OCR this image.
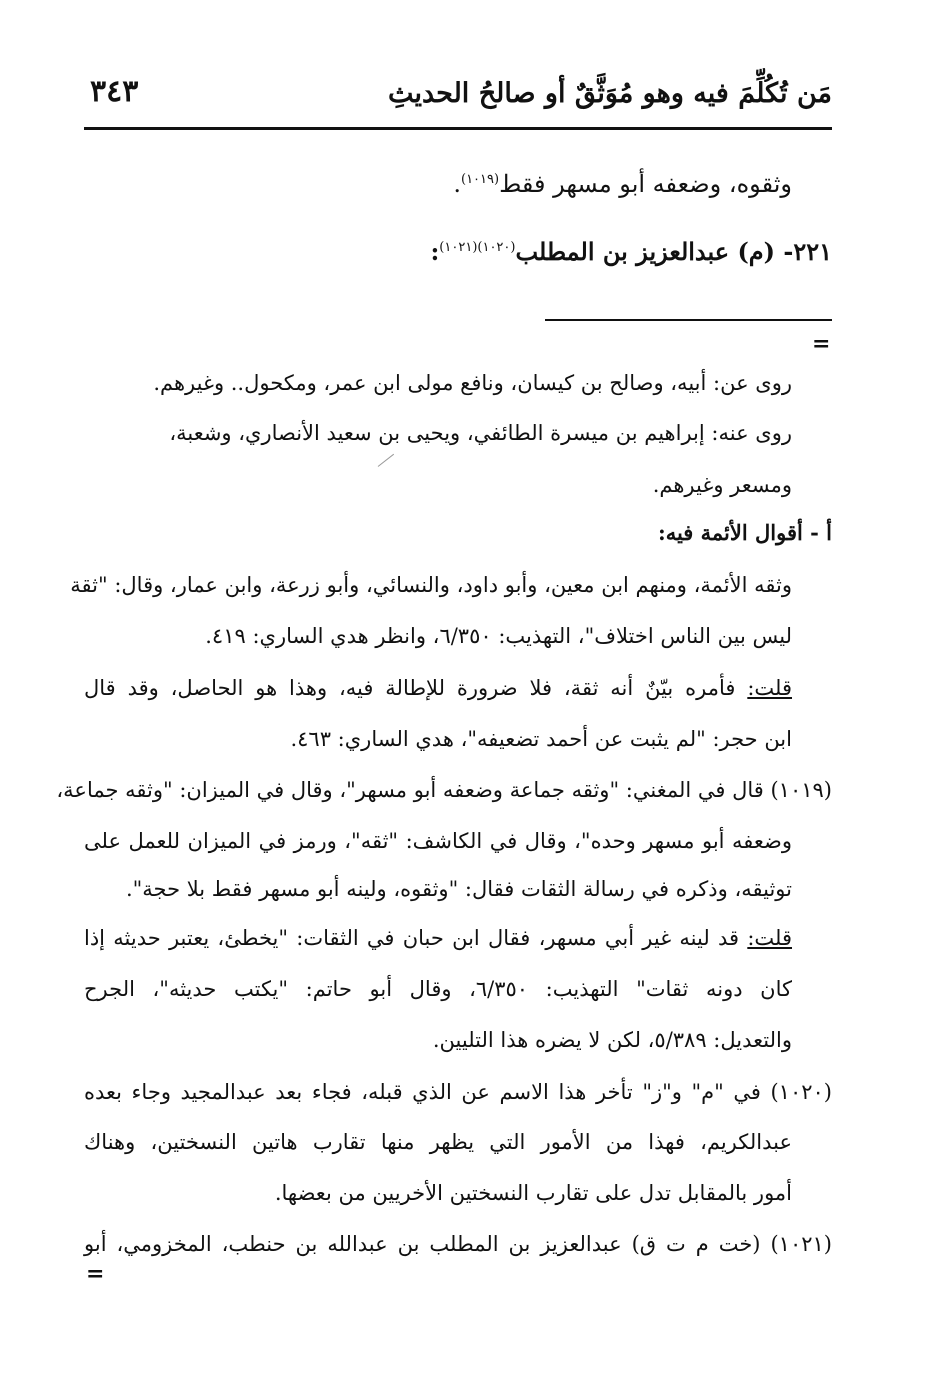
مَن تُكُلِّمَ فيه وهو مُوَثَّقٌ أو صالحُ الحديثِ
٣٤٣
وثقوه، وضعفه أبو مسهر فقط$^{(١٠١٩)}$.
٢٢١- (م) عبدالعزيز بن المطلب$^{(١٠٢٠)(١٠٢١)}$:
=
روى عن: أبيه، وصالح بن كيسان، ونافع مولى ابن عمر، ومكحول.. وغيرهم.
روى عنه: إبراهيم بن ميسرة الطائفي، ويحيى بن سعيد الأنصاري، وشعبة،
ومسعر وغيرهم.
أ - أقوال الأئمة فيه:
وثقه الأئمة، ومنهم ابن معين، وأبو داود، والنسائي، وأبو زرعة، وابن عمار، وقال: "ثقة
ليس بين الناس اختلاف"، التهذيب: ٦/٣٥٠، وانظر هدي الساري: ٤١٩.
قلت: فأمره بيّنٌ أنه ثقة، فلا ضرورة للإطالة فيه، وهذا هو الحاصل، وقد قال
ابن حجر: "لم يثبت عن أحمد تضعيفه"، هدي الساري: ٤٦٣.
(١٠١٩) قال في المغني: "وثقه جماعة وضعفه أبو مسهر"، وقال في الميزان: "وثقه جماعة،
وضعفه أبو مسهر وحده"، وقال في الكاشف: "ثقه"، ورمز في الميزان للعمل على
توثيقه، وذكره في رسالة الثقات فقال: "وثقوه، ولينه أبو مسهر فقط بلا حجة".
قلت: قد لينه غير أبي مسهر، فقال ابن حبان في الثقات: "يخطئ، يعتبر حديثه إذا
كان دونه ثقات" التهذيب: ٦/٣٥٠، وقال أبو حاتم: "يكتب حديثه"، الجرح
والتعديل: ٥/٣٨٩، لكن لا يضره هذا التليين.
(١٠٢٠) في "م" و"ز" تأخر هذا الاسم عن الذي قبله، فجاء بعد عبدالمجيد وجاء بعده
عبدالكريم، فهذا من الأمور التي يظهر منها تقارب هاتين النسختين، وهناك
أمور بالمقابل تدل على تقارب النسختين الأخريين من بعضها.
(١٠٢١) (خت م ت ق) عبدالعزيز بن المطلب بن عبدالله بن حنطب، المخزومي، أبو
=
